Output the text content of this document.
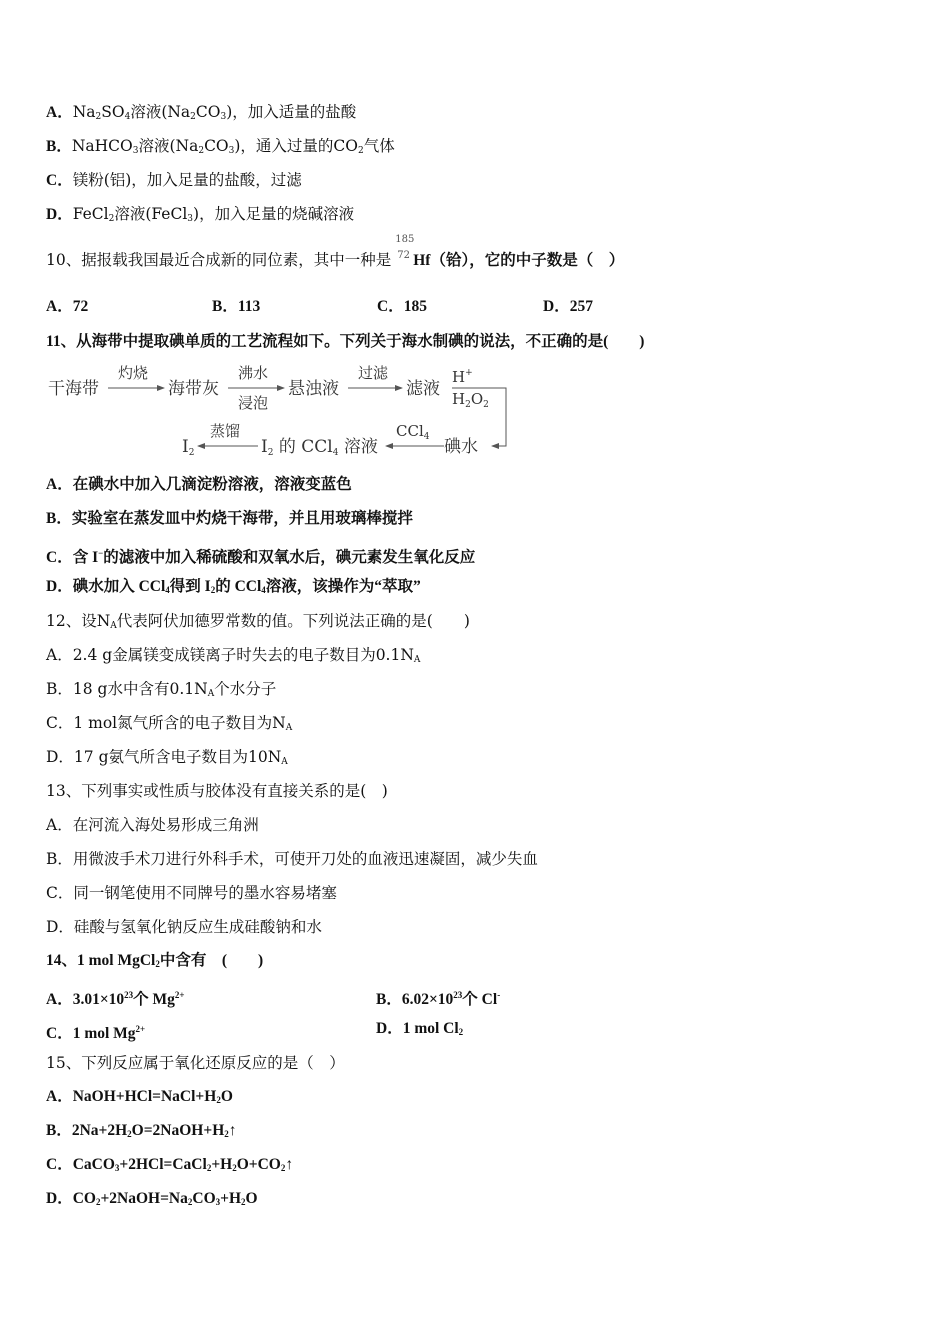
A．$Na_2SO_4$溶液$(Na_2CO_3)$，加入适量的盐酸
B．NaHCO$_3$溶液$(Na_2CO_3)$，通入过量的$CO_2$气体
C．镁粉(铝)，加入足量的盐酸，过滤
D．FeCl$_2$溶液(FeCl$_3$)，加入足量的烧碱溶液
10、据报载我国最近合成新的同位素，其中一种是
185
72 Hf（铪），它的中子数是（　）
A．72	B．113	C．185	D．257
11、从海带中提取碘单质的工艺流程如下。下列关于海水制碘的说法，不正确的是(　　)
干海带	海带灰	悬浊液	滤液
碘水
I2 的 CCl4 溶液
I2
灼烧	沸水
浸泡
过滤	H+
$H_2O_2$
CCl$_4$
蒸馏
A．在碘水中加入几滴淀粉溶液，溶液变蓝色
B．实验室在蒸发皿中灼烧干海带，并且用玻璃棒搅拌
C．含 I−的滤液中加入稀硫酸和双氧水后，碘元素发生氧化反应
D．碘水加入 CCl$_4$得到 $I_2$的 CCl$_4$溶液，该操作为“萃取”
12、设$N_A$代表阿伏加德罗常数的值。下列说法正确的是(　　)
A．2.4 g金属镁变成镁离子时失去的电子数目为$0.1N_A$
B．18 g水中含有$0.1N_A$个水分子
C．1 mol氮气所含的电子数目为$N_A$
D．17 g氨气所含电子数目为$10N_A$
13、下列事实或性质与胶体没有直接关系的是(　)
A．在河流入海处易形成三角洲
B．用微波手术刀进行外科手术，可使开刀处的血液迅速凝固，减少失血
C．同一钢笔使用不同牌号的墨水容易堵塞
D．硅酸与氢氧化钠反应生成硅酸钠和水
14、1 mol MgCl$_2$中含有　(　　)
A．$3.01\times 10^{23}$个 $Mg^{2+}$	B．$6.02\times 10^{23}$个 Cl-
C．1 mol $Mg^{2+}$	D．1 mol $Cl_2$
15、下列反应属于氧化还原反应的是（　）
A．$NaOH+HCl=NaCl+H_2O$
B．$2Na+2H_2O=2NaOH+H_2↑$
C．$CaCO_3+2HCl=CaCl_2+H_2O+CO_2↑$
D．$CO_2+2NaOH=Na_2CO_3+H_2O$
